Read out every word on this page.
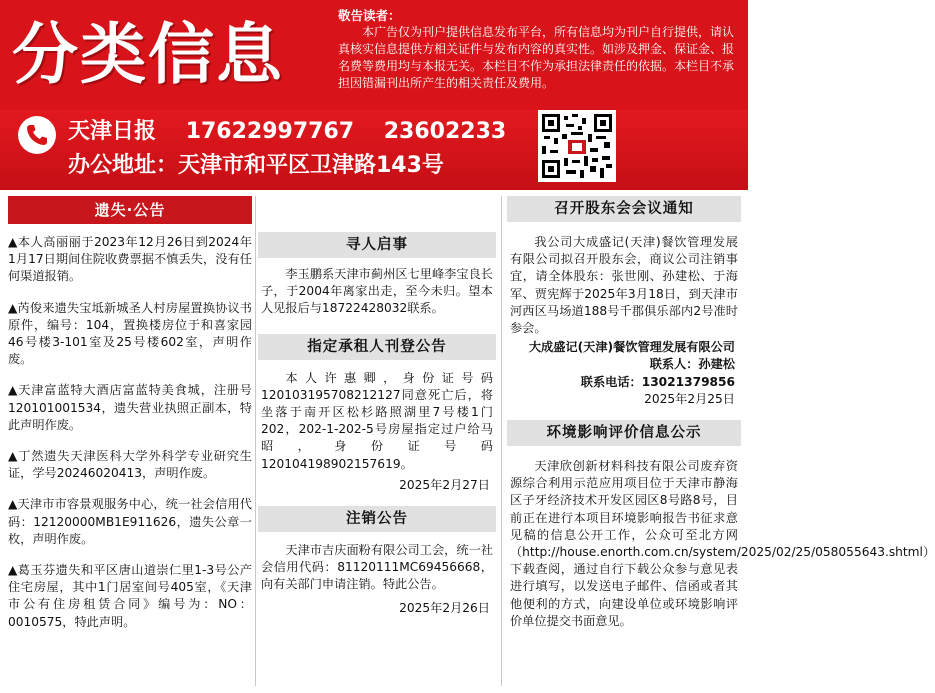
分类信息
敬告读者：
本广告仅为刊户提供信息发布平台，所有信息均为刊户自行提供，请认真核实信息提供方相关证件与发布内容的真实性。如涉及押金、保证金、报名费等费用均与本报无关。本栏目不作为承担法律责任的依据。本栏目不承担因错漏刊出所产生的相关责任及费用。
天津日报 17622997767 23602233
办公地址：天津市和平区卫津路143号
遗失·公告
▲本人高丽丽于2023年12月26日到2024年1月17日期间住院收费票据不慎丢失，没有任何渠道报销。
▲芮俊来遗失宝坻新城圣人村房屋置换协议书原件，编号：104，置换楼房位于和喜家园46号楼3-101室及25号楼602室，声明作废。
▲天津富蓝特大酒店富蓝特美食城，注册号120101001534，遗失营业执照正副本，特此声明作废。
▲丁然遗失天津医科大学外科学专业研究生证，学号20246020413，声明作废。
▲天津市市容景观服务中心，统一社会信用代码：12120000MB1E911626，遗失公章一枚，声明作废。
▲葛玉芬遗失和平区唐山道崇仁里1-3号公产住宅房屋，其中1门居室间号405室，《天津市公有住房租赁合同》编号为：NO：0010575，特此声明。
寻人启事
李玉鹏系天津市蓟州区七里峰李宝良长子，于2004年离家出走，至今未归。望本人见报后与18722428032联系。
指定承租人刊登公告
本人许惠卿，身份证号码120103195708212127同意死亡后，将坐落于南开区松杉路照湖里7号楼1门202，202-1-202-5号房屋指定过户给马昭，身份证号码120104198902157619。
2025年2月27日
注销公告
天津市吉庆面粉有限公司工会，统一社会信用代码：81120111MC69456668，向有关部门申请注销。特此公告。
2025年2月26日
召开股东会会议通知
我公司大成盛记(天津)餐饮管理发展有限公司拟召开股东会，商议公司注销事宜，请全体股东：张世刚、孙建松、于海军、贾宪辉于2025年3月18日，到天津市河西区马场道188号千郡俱乐部内2号准时参会。
大成盛记(天津)餐饮管理发展有限公司
联系人：孙建松
联系电话：13021379856
2025年2月25日
环境影响评价信息公示
天津欣创新材料科技有限公司废弃资源综合利用示范应用项目位于天津市静海区子牙经济技术开发区园区8号路8号，目前正在进行本项目环境影响报告书征求意见稿的信息公开工作，公众可至北方网（http://house.enorth.com.cn/system/2025/02/25/058055643.shtml）下载查阅，通过自行下载公众参与意见表进行填写，以发送电子邮件、信函或者其他便利的方式，向建设单位或环境影响评价单位提交书面意见。
